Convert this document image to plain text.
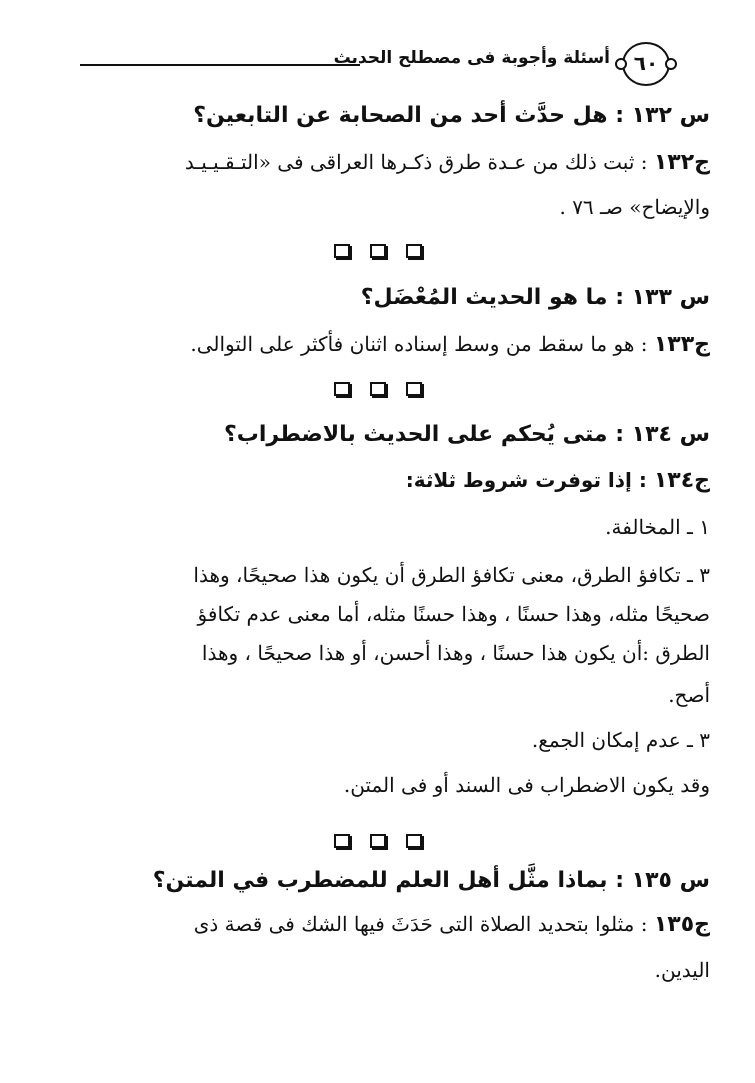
٦٠
أسئلة وأجوبة فى مصطلح الحديث
س ١٣٢ : هل حدَّث أحد من الصحابة عن التابعين؟
ج١٣٢ : ثبت ذلك من عـدة طرق ذكـرها العراقى فى «التـقـيـيـد
والإيضاح» صـ ٧٦ .
س ١٣٣ : ما هو الحديث المُعْضَل؟
ج١٣٣ : هو ما سقط من وسط إسناده اثنان فأكثر على التوالى.
س ١٣٤ : متى يُحكم على الحديث بالاضطراب؟
ج١٣٤ : إذا توفرت شروط ثلاثة:
١ ـ المخالفة.
٣ ـ تكافؤ الطرق، معنى تكافؤ الطرق أن يكون هذا صحيحًا، وهذا
صحيحًا مثله، وهذا حسنًا ، وهذا حسنًا مثله، أما معنى عدم تكافؤ
الطرق :أن يكون هذا حسنًا ، وهذا أحسن، أو هذا صحيحًا ، وهذا
أصح.
٣ ـ عدم إمكان الجمع.
وقد يكون الاضطراب فى السند أو فى المتن.
س ١٣٥ : بماذا مثَّل أهل العلم للمضطرب في المتن؟
ج١٣٥ : مثلوا بتحديد الصلاة التى حَدَثَ فيها الشك فى قصة ذى
اليدين.
